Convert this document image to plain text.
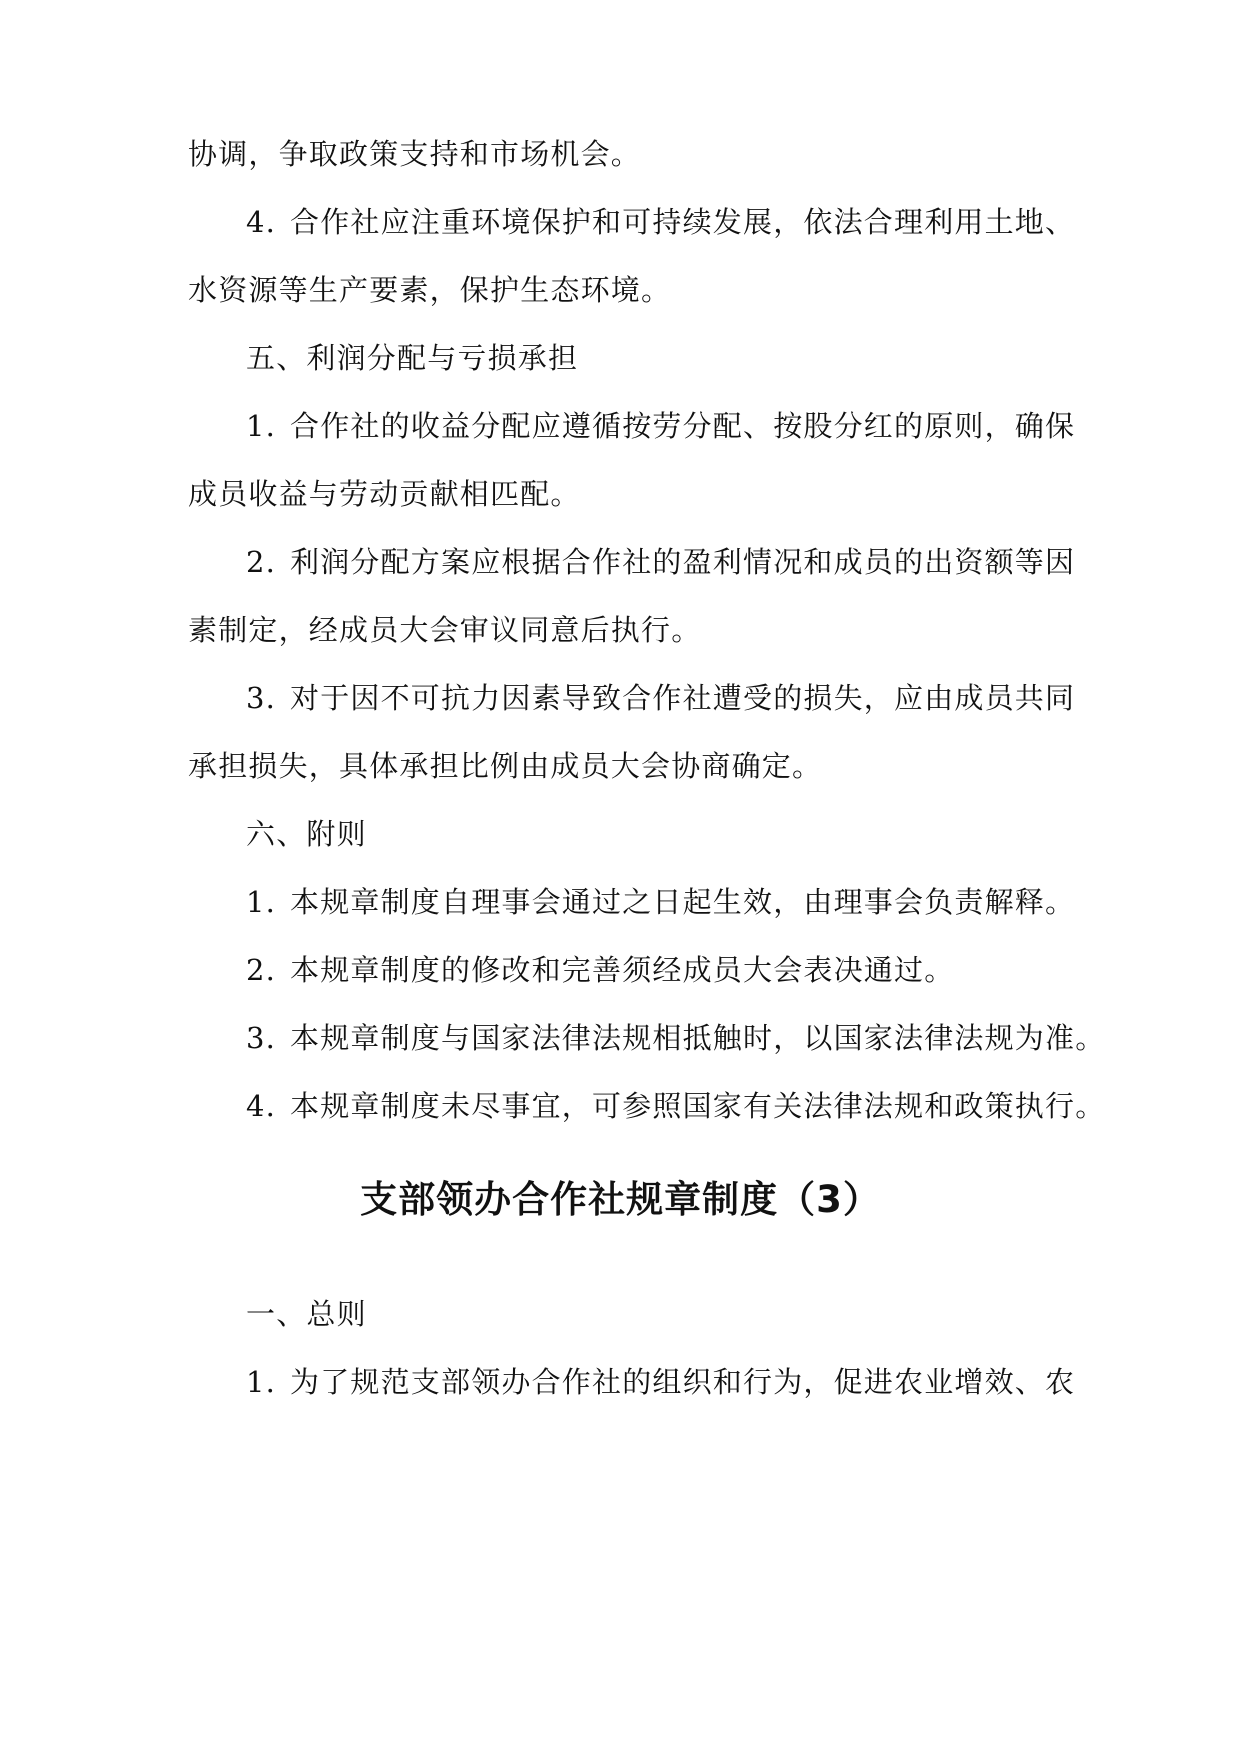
协调，争取政策支持和市场机会。
4. 合作社应注重环境保护和可持续发展，依法合理利用土地、
水资源等生产要素，保护生态环境。
五、利润分配与亏损承担
1. 合作社的收益分配应遵循按劳分配、按股分红的原则，确保
成员收益与劳动贡献相匹配。
2. 利润分配方案应根据合作社的盈利情况和成员的出资额等因
素制定，经成员大会审议同意后执行。
3. 对于因不可抗力因素导致合作社遭受的损失，应由成员共同
承担损失，具体承担比例由成员大会协商确定。
六、附则
1. 本规章制度自理事会通过之日起生效，由理事会负责解释。
2. 本规章制度的修改和完善须经成员大会表决通过。
3. 本规章制度与国家法律法规相抵触时，以国家法律法规为准。
4. 本规章制度未尽事宜，可参照国家有关法律法规和政策执行。
支部领办合作社规章制度（3）
一、总则
1. 为了规范支部领办合作社的组织和行为，促进农业增效、农
